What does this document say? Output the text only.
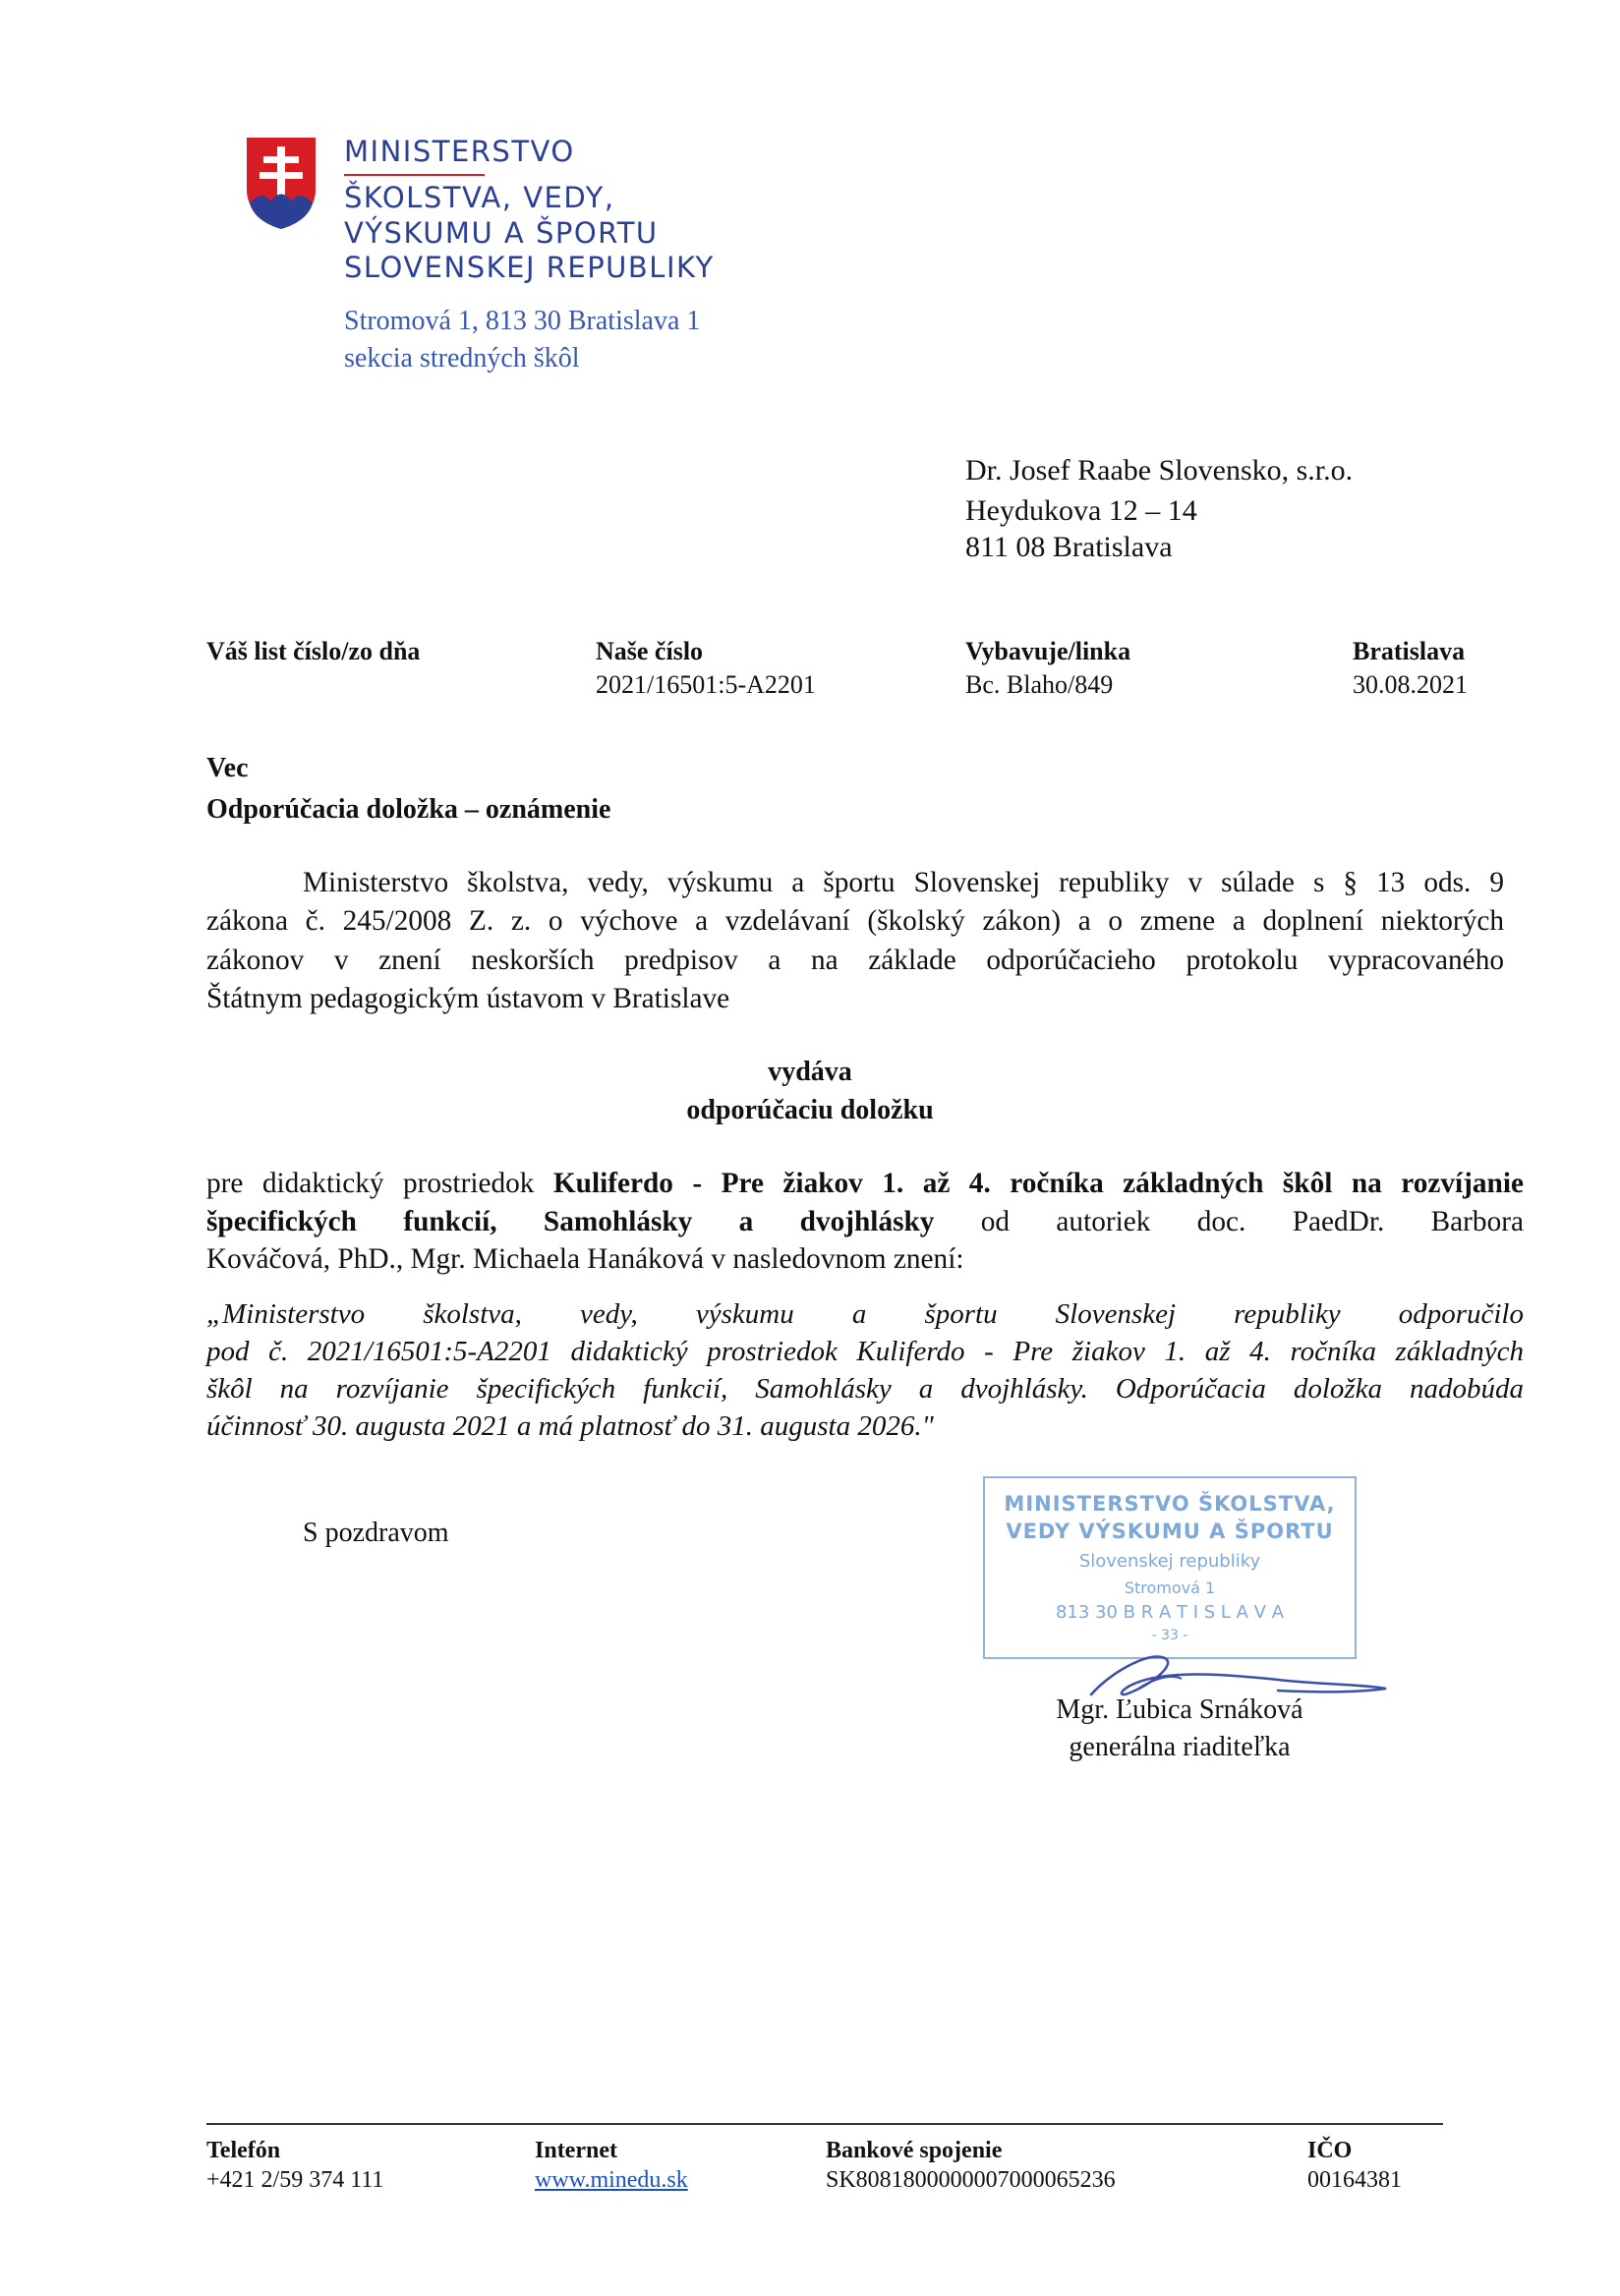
MINISTERSTVO
ŠKOLSTVA, VEDY,
VÝSKUMU A ŠPORTU
SLOVENSKEJ REPUBLIKY
Stromová 1, 813 30 Bratislava 1
sekcia stredných škôl
Dr. Josef Raabe Slovensko, s.r.o.
Heydukova 12 – 14
811 08 Bratislava
Váš list číslo/zo dňa	Naše číslo
2021/16501:5-A2201
Vybavuje/linka
Bc. Blaho/849
Bratislava
30.08.2021
Vec
Odporúčacia doložka – oznámenie
Ministerstvo školstva, vedy, výskumu a športu Slovenskej republiky v súlade s § 13 ods. 9
zákona č. 245/2008 Z. z. o výchove a vzdelávaní (školský zákon) a o zmene a doplnení niektorých
zákonov v znení neskorších predpisov a na základe odporúčacieho protokolu vypracovaného
Štátnym pedagogickým ústavom v Bratislave
vydáva
odporúčaciu doložku
pre didaktický prostriedok Kuliferdo - Pre žiakov 1. až 4. ročníka základných škôl na rozvíjanie
špecifických funkcií, Samohlásky a dvojhlásky od autoriek doc. PaedDr. Barbora
Kováčová, PhD., Mgr. Michaela Hanáková v nasledovnom znení:
„Ministerstvo školstva, vedy, výskumu a športu Slovenskej republiky odporučilo
pod č. 2021/16501:5-A2201 didaktický prostriedok Kuliferdo - Pre žiakov 1. až 4. ročníka základných
škôl na rozvíjanie špecifických funkcií, Samohlásky a dvojhlásky. Odporúčacia doložka nadobúda
účinnosť 30. augusta 2021 a má platnosť do 31. augusta 2026."
S pozdravom
MINISTERSTVO ŠKOLSTVA,
VEDY VÝSKUMU A ŠPORTU
Slovenskej republiky
Stromová 1
813 30 B R A T I S L A V A
- 33 -
Mgr. Ľubica Srnáková
generálna riaditeľka
Telefón
+421 2/59 374 111
Internet
www.minedu.sk
Bankové spojenie
SK8081800000007000065236
IČO
00164381
